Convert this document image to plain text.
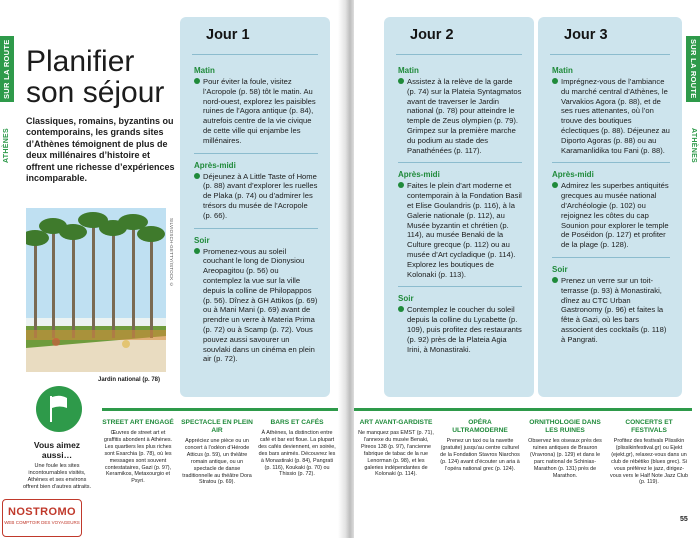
SUR LA ROUTE
ATHÈNES
Planifier
son séjour

Classiques, romains, byzantins ou contemporains, les grands sites d’Athènes témoignent de plus de deux millénaires d’histoire et offrent une richesse d’expériences incomparable.

SILVIOSCH-GETTY/ISTOCK ©
Jardin national (p. 78)
Jour 1
Matin

Pour éviter la foule, visitez l’Acropole (p. 58) tôt le matin. Au nord-ouest, explorez les paisibles ruines de l’Agora antique (p. 84), autrefois centre de la vie civique de cette ville qui enjambe les millénaires.

Après-midi

Déjeunez à A Little Taste of Home (p. 88) avant d’explorer les ruelles de Plaka (p. 74) ou d’admirer les trésors du musée de l’Acropole (p. 66).

Soir

Promenez-vous au soleil couchant le long de Dionysiou Areopagitou (p. 56) ou contemplez la vue sur la ville depuis la colline de Philopappos (p. 56). Dînez à GH Attikos (p. 69) ou à Mani Mani (p. 69) avant de prendre un verre à Materia Prima (p. 72) ou à Scamp (p. 72). Vous pouvez aussi savourer un souvlaki dans un cinéma en plein air (p. 72).

Vous aimez aussi…

Une foule les sites incontournables visités, Athènes et ses environs offrent bien d’autres attraits.

STREET ART ENGAGÉ

Œuvres de street art et graffitis abondent à Athènes. Les quartiers les plus riches sont Exarchia (p. 78), où les messages sont souvent contestataires, Gazi (p. 97), Keramikos, Metaxourgio et Psyri.

SPECTACLE EN PLEIN AIR

Appréciez une pièce ou un concert à l’odéon d’Hérode Atticus (p. 59), un théâtre romain antique, ou un spectacle de danse traditionnelle au théâtre Dora Stratou (p. 69).

BARS ET CAFÉS

À Athènes, la distinction entre café et bar est floue. La plupart des cafés deviennent, en soirée, des bars animés. Découvrez les à Monastiraki (p. 84), Pangrati (p. 116), Koukaki (p. 70) ou Thissio (p. 72).

NOSTROMO
WEB COMPTOIR DES VOYAGEURS
Jour 2
Matin

Assistez à la relève de la garde (p. 74) sur la Plateia Syntagmatos avant de traverser le Jardin national (p. 78) pour atteindre le temple de Zeus olympien (p. 79). Grimpez sur la première marche du podium au stade des Panathénées (p. 117).

Après-midi

Faites le plein d’art moderne et contemporain à la Fondation Basil et Elise Goulandris (p. 116), à la Galerie nationale (p. 112), au Musée byzantin et chrétien (p. 114), au musée Benaki de la Culture grecque (p. 112) ou au musée d’Art cycladique (p. 114). Explorez les boutiques de Kolonaki (p. 113).

Soir

Contemplez le coucher du soleil depuis la colline du Lycabette (p. 109), puis profitez des restaurants (p. 92) près de la Plateia Agia Irini, à Monastiraki.

Jour 3
Matin

Imprégnez-vous de l’ambiance du marché central d’Athènes, le Varvakios Agora (p. 88), et de ses rues attenantes, où l’on trouve des boutiques éclectiques (p. 88). Déjeunez au Diporto Agoras (p. 88) ou au Karamanlidika tou Fani (p. 88).

Après-midi

Admirez les superbes antiquités grecques au musée national d’Archéologie (p. 102) ou rejoignez les côtes du cap Sounion pour explorer le temple de Poséidon (p. 127) et profiter de la plage (p. 128).

Soir

Prenez un verre sur un toit-terrasse (p. 93) à Monastiraki, dînez au CTC Urban Gastronomy (p. 96) et faites la fête à Gazi, où les bars associent des cocktails (p. 118) à Pangrati.

ART AVANT-GARDISTE

Ne manquez pas EMST (p. 71), l’annexe du musée Benaki, Pireos 138 (p. 97), l’ancienne fabrique de tabac de la rue Lenorman (p. 98), et les galeries indépendantes de Kolonaki (p. 114).

OPÉRA ULTRAMODERNE

Prenez un taxi ou la navette (gratuite) jusqu’au centre culturel de la Fondation Stavros Niarchos (p. 124) avant d’écouter un aria à l’opéra national grec (p. 124).

ORNITHOLOGIE DANS LES RUINES

Observez les oiseaux près des ruines antiques de Brauron (Vravrona) (p. 129) et dans le parc national de Schinias-Marathon (p. 131) près de Marathon.

CONCERTS ET FESTIVALS

Profitez des festivals Plissikin (plissikinfestival.gr) ou Ejekt (ejekt.gr), relaxez-vous dans un club de rébétiko (blues grec). Si vous préférez le jazz, dirigez-vous vers le Half Note Jazz Club (p. 119).

SUR LA ROUTE
ATHÈNES
55
